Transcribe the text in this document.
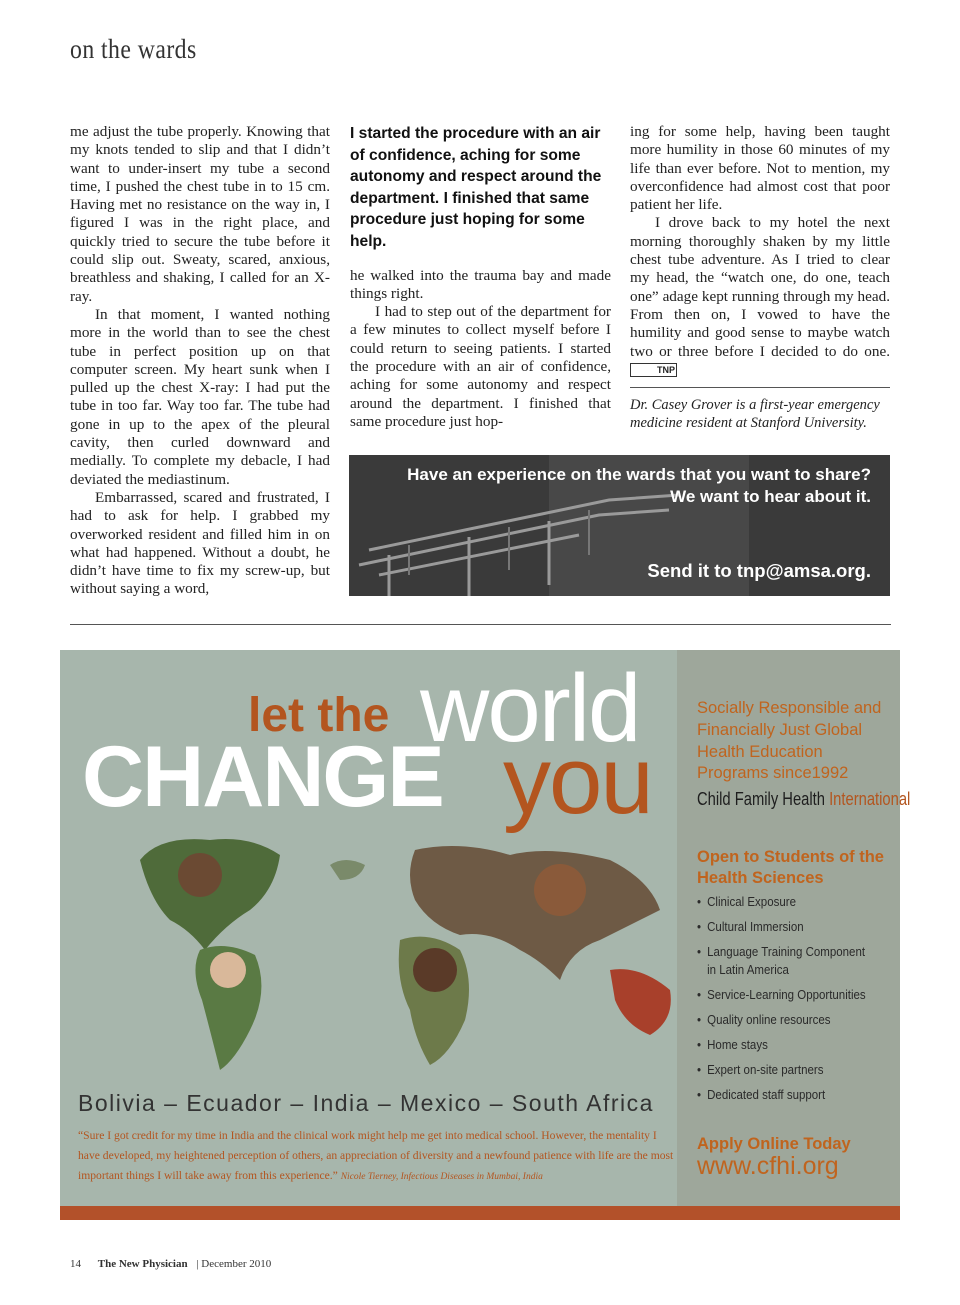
on the wards

me adjust the tube properly. Knowing that my knots tended to slip and that I didn’t want to under-insert my tube a second time, I pushed the chest tube in to 15 cm. Having met no resistance on the way in, I figured I was in the right place, and quickly tried to secure the tube before it could slip out. Sweaty, scared, anxious, breathless and shaking, I called for an X-ray.

In that moment, I wanted nothing more in the world than to see the chest tube in perfect position up on that computer screen. My heart sunk when I pulled up the chest X-ray: I had put the tube in too far. Way too far. The tube had gone in up to the apex of the pleural cavity, then curled downward and medially. To complete my debacle, I had deviated the mediastinum.

Embarrassed, scared and frustrated, I had to ask for help. I grabbed my overworked resident and filled him in on what had happened. Without a doubt, he didn’t have time to fix my screw-up, but without saying a word,

I started the procedure with an air of confidence, aching for some autonomy and respect around the department. I finished that same procedure just hoping for some help.

he walked into the trauma bay and made things right.

I had to step out of the department for a few minutes to collect myself before I could return to seeing patients. I started the procedure with an air of confidence, aching for some autonomy and respect around the department. I finished that same procedure just hop-

ing for some help, having been taught more humility in those 60 minutes of my life than ever before. Not to mention, my overconfidence had almost cost that poor patient her life.

I drove back to my hotel the next morning thoroughly shaken by my little chest tube adventure. As I tried to clear my head, the “watch one, do one, teach one” adage kept running through my head. From then on, I vowed to have the humility and good sense to maybe watch two or three before I decided to do one. TNP

Dr. Casey Grover is a first-year emergency medicine resident at Stanford University.

Have an experience on the wards that you want to share?
We want to hear about it.
Send it to tnp@amsa.org.
world
let the
CHANGE you
Bolivia – Ecuador – India – Mexico – South Africa
“Sure I got credit for my time in India and the clinical work might help me get into medical school. However, the mentality I have developed, my heightened perception of others, an appreciation of diversity and a newfound patience with life are the most important things I will take away from this experience.” Nicole Tierney, Infectious Diseases in Mumbai, India
Socially Responsible and Financially Just Global Health Education Programs since1992
Child Family Health International
Open to Students of the Health Sciences
• Clinical Exposure
• Cultural Immersion
• Language Training Component in Latin America
• Service-Learning Opportunities
• Quality online resources
• Home stays
• Expert on-site partners
• Dedicated staff support
Apply Online Today
www.cfhi.org
14 The New Physician | December 2010
